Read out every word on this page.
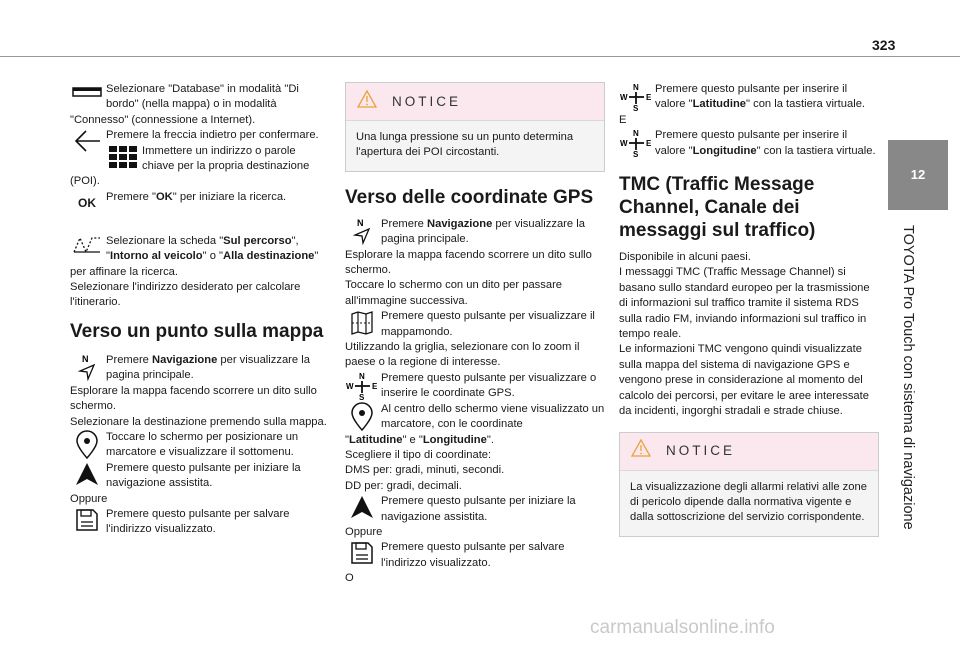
323
12
TOYOTA Pro Touch con sistema di navigazione

Selezionare "Database" in modalità "Di bordo" (nella mappa) o in modalità "Connesso" (connessione a Internet).

Premere la freccia indietro per confermare.

Immettere un indirizzo o parole chiave per la propria destinazione (POI).

OK Premere "OK" per iniziare la ricerca.

Selezionare la scheda "Sul percorso", "Intorno al veicolo" o "Alla destinazione" per affinare la ricerca.

Selezionare l'indirizzo desiderato per calcolare l'itinerario.

Verso un punto sulla mappa
N	Premere Navigazione per visualizzare la pagina principale.

Esplorare la mappa facendo scorrere un dito sullo schermo.

Selezionare la destinazione premendo sulla mappa.

Toccare lo schermo per posizionare un marcatore e visualizzare il sottomenu.

Premere questo pulsante per iniziare la navigazione assistita.

Oppure

Premere questo pulsante per salvare l'indirizzo visualizzato.

NOTICE

Una lunga pressione su un punto determina l'apertura dei POI circostanti.

Verso delle coordinate GPS
N	Premere Navigazione per visualizzare la pagina principale.

Esplorare la mappa facendo scorrere un dito sullo schermo.

Toccare lo schermo con un dito per passare all'immagine successiva.

Premere questo pulsante per visualizzare il mappamondo.

Utilizzando la griglia, selezionare con lo zoom il paese o la regione di interesse.

N
S
W E

Premere questo pulsante per visualizzare o inserire le coordinate GPS.

Al centro dello schermo viene visualizzato un marcatore, con le coordinate

"Latitudine" e "Longitudine".

Scegliere il tipo di coordinate:

DMS per: gradi, minuti, secondi.

DD per: gradi, decimali.

Premere questo pulsante per iniziare la navigazione assistita.

Oppure

Premere questo pulsante per salvare l'indirizzo visualizzato.

O

N
S
W E

Premere questo pulsante per inserire il valore "Latitudine" con la tastiera virtuale.

E

N
S
W E

Premere questo pulsante per inserire il valore "Longitudine" con la tastiera virtuale.

TMC (Traffic Message Channel, Canale dei messaggi sul traffico)

Disponibile in alcuni paesi.

I messaggi TMC (Traffic Message Channel) si basano sullo standard europeo per la trasmissione di informazioni sul traffico tramite il sistema RDS sulla radio FM, inviando informazioni sul traffico in tempo reale.

Le informazioni TMC vengono quindi visualizzate sulla mappa del sistema di navigazione GPS e vengono prese in considerazione al momento del calcolo dei percorsi, per evitare le aree interessate da incidenti, ingorghi stradali e strade chiuse.

NOTICE

La visualizzazione degli allarmi relativi alle zone di pericolo dipende dalla normativa vigente e dalla sottoscrizione del servizio corrispondente.

carmanualsonline.info
